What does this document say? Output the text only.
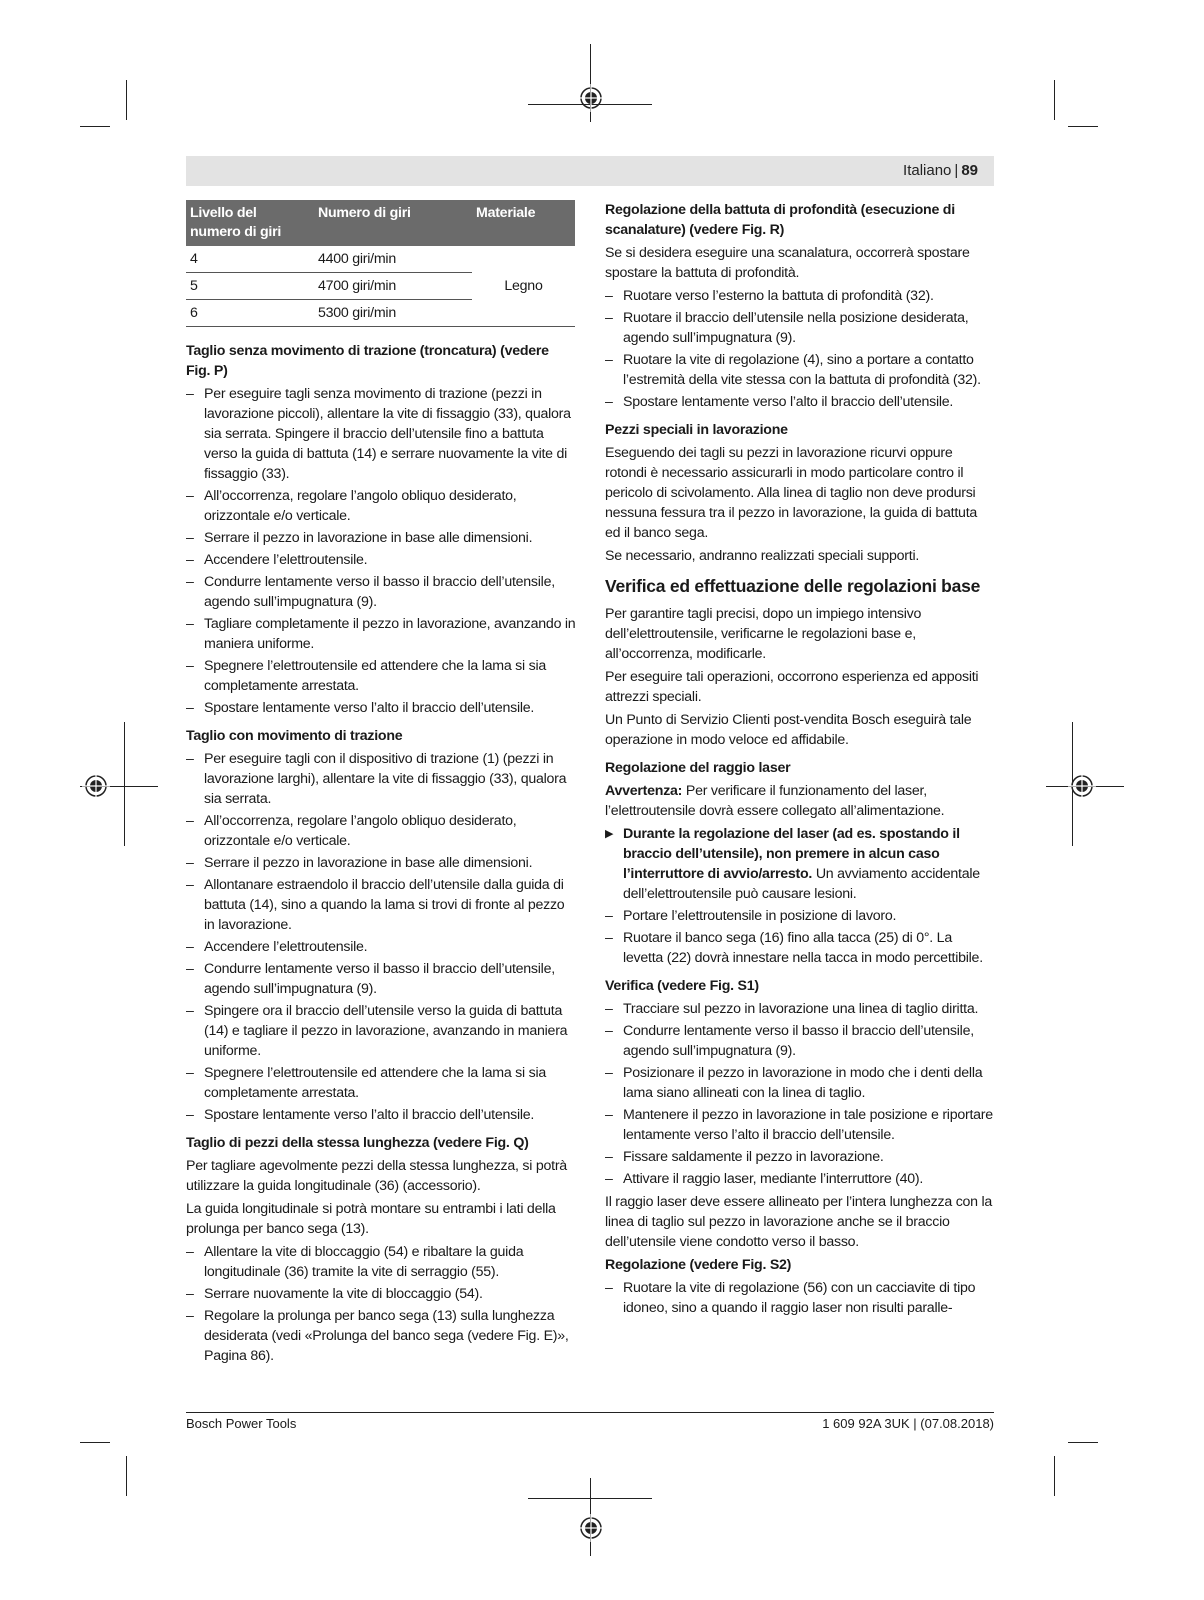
Italiano | 89
Livello del numero di giri	Numero di giri	Materiale
4	4400 giri/min	Legno
5	4700 giri/min	
6	5300 giri/min	
Taglio senza movimento di trazione (troncatura) (vedere Fig. P)
– Per eseguire tagli senza movimento di trazione (pezzi in lavorazione piccoli), allentare la vite di fissaggio (33), qualora sia serrata. Spingere il braccio dell’utensile fino a battuta verso la guida di battuta (14) e serrare nuovamente la vite di fissaggio (33).
– All’occorrenza, regolare l’angolo obliquo desiderato, orizzontale e/o verticale.
– Serrare il pezzo in lavorazione in base alle dimensioni.
– Accendere l’elettroutensile.
– Condurre lentamente verso il basso il braccio dell’utensile, agendo sull’impugnatura (9).
– Tagliare completamente il pezzo in lavorazione, avanzando in maniera uniforme.
– Spegnere l’elettroutensile ed attendere che la lama si sia completamente arrestata.
– Spostare lentamente verso l’alto il braccio dell’utensile.
Taglio con movimento di trazione
– Per eseguire tagli con il dispositivo di trazione (1) (pezzi in lavorazione larghi), allentare la vite di fissaggio (33), qualora sia serrata.
– All’occorrenza, regolare l’angolo obliquo desiderato, orizzontale e/o verticale.
– Serrare il pezzo in lavorazione in base alle dimensioni.
– Allontanare estraendolo il braccio dell’utensile dalla guida di battuta (14), sino a quando la lama si trovi di fronte al pezzo in lavorazione.
– Accendere l’elettroutensile.
– Condurre lentamente verso il basso il braccio dell’utensile, agendo sull’impugnatura (9).
– Spingere ora il braccio dell’utensile verso la guida di battuta (14) e tagliare il pezzo in lavorazione, avanzando in maniera uniforme.
– Spegnere l’elettroutensile ed attendere che la lama si sia completamente arrestata.
– Spostare lentamente verso l’alto il braccio dell’utensile.
Taglio di pezzi della stessa lunghezza (vedere Fig. Q)

Per tagliare agevolmente pezzi della stessa lunghezza, si potrà utilizzare la guida longitudinale (36) (accessorio).

La guida longitudinale si potrà montare su entrambi i lati della prolunga per banco sega (13).

– Allentare la vite di bloccaggio (54) e ribaltare la guida longitudinale (36) tramite la vite di serraggio (55).
– Serrare nuovamente la vite di bloccaggio (54).
– Regolare la prolunga per banco sega (13) sulla lunghezza desiderata (vedi «Prolunga del banco sega (vedere Fig. E)», Pagina 86).
Regolazione della battuta di profondità (esecuzione di scanalature) (vedere Fig. R)

Se si desidera eseguire una scanalatura, occorrerà spostare spostare la battuta di profondità.

– Ruotare verso l’esterno la battuta di profondità (32).
– Ruotare il braccio dell’utensile nella posizione desiderata, agendo sull’impugnatura (9).
– Ruotare la vite di regolazione (4), sino a portare a contatto l’estremità della vite stessa con la battuta di profondità (32).
– Spostare lentamente verso l’alto il braccio dell’utensile.
Pezzi speciali in lavorazione

Eseguendo dei tagli su pezzi in lavorazione ricurvi oppure rotondi è necessario assicurarli in modo particolare contro il pericolo di scivolamento. Alla linea di taglio non deve prodursi nessuna fessura tra il pezzo in lavorazione, la guida di battuta ed il banco sega.

Se necessario, andranno realizzati speciali supporti.

Verifica ed effettuazione delle regolazioni base

Per garantire tagli precisi, dopo un impiego intensivo dell’elettroutensile, verificarne le regolazioni base e, all’occorrenza, modificarle.

Per eseguire tali operazioni, occorrono esperienza ed appositi attrezzi speciali.

Un Punto di Servizio Clienti post-vendita Bosch eseguirà tale operazione in modo veloce ed affidabile.

Regolazione del raggio laser

Avvertenza: Per verificare il funzionamento del laser, l’elettroutensile dovrà essere collegato all’alimentazione.

▶ Durante la regolazione del laser (ad es. spostando il braccio dell’utensile), non premere in alcun caso l’interruttore di avvio/arresto. Un avviamento accidentale dell’elettroutensile può causare lesioni.
– Portare l’elettroutensile in posizione di lavoro.
– Ruotare il banco sega (16) fino alla tacca (25) di 0°. La levetta (22) dovrà innestare nella tacca in modo percettibile.
Verifica (vedere Fig. S1)
– Tracciare sul pezzo in lavorazione una linea di taglio diritta.
– Condurre lentamente verso il basso il braccio dell’utensile, agendo sull’impugnatura (9).
– Posizionare il pezzo in lavorazione in modo che i denti della lama siano allineati con la linea di taglio.
– Mantenere il pezzo in lavorazione in tale posizione e riportare lentamente verso l’alto il braccio dell’utensile.
– Fissare saldamente il pezzo in lavorazione.
– Attivare il raggio laser, mediante l’interruttore (40).

Il raggio laser deve essere allineato per l’intera lunghezza con la linea di taglio sul pezzo in lavorazione anche se il braccio dell’utensile viene condotto verso il basso.

Regolazione (vedere Fig. S2)
– Ruotare la vite di regolazione (56) con un cacciavite di tipo idoneo, sino a quando il raggio laser non risulti paralle-
Bosch Power Tools	1 609 92A 3UK | (07.08.2018)
